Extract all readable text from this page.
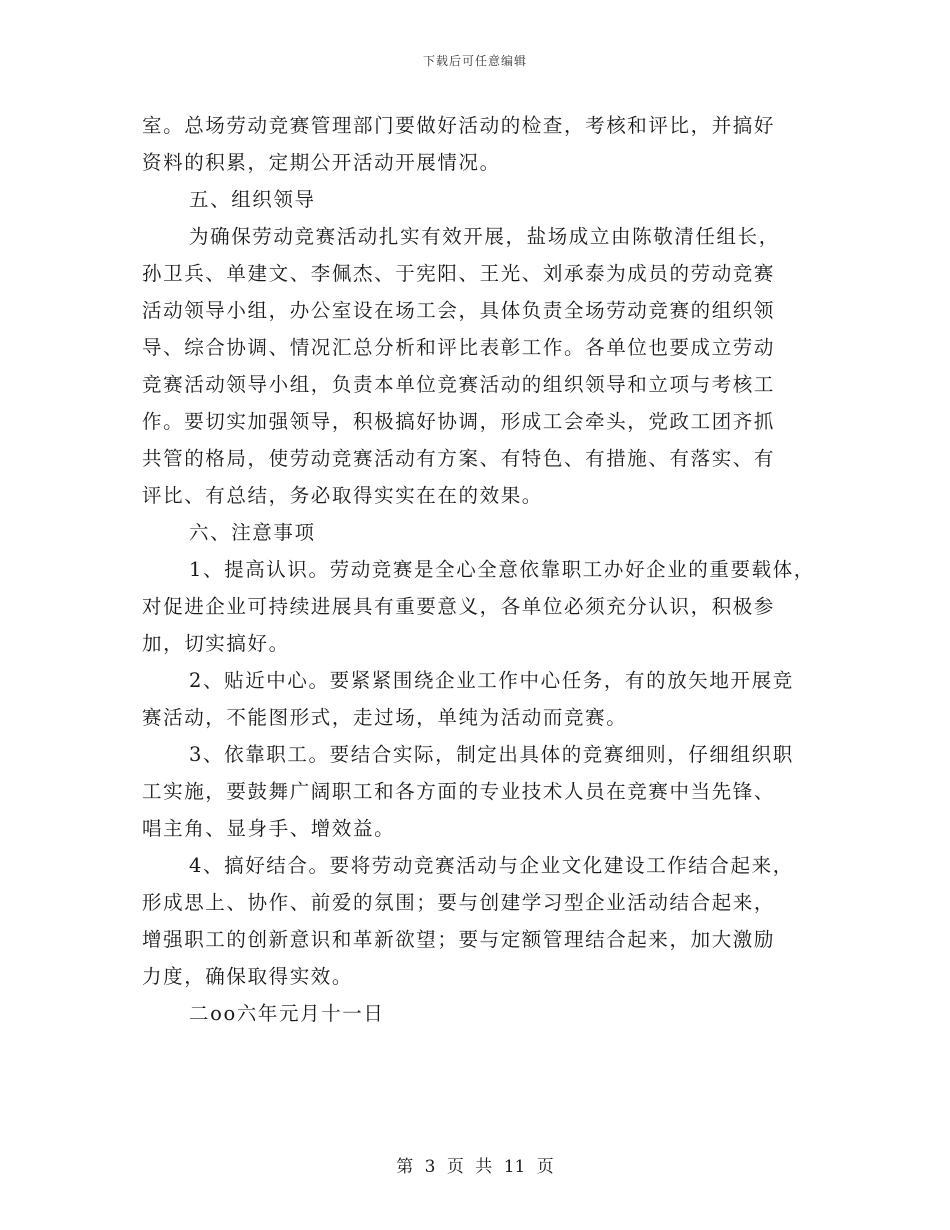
下载后可任意编辑
室。总场劳动竞赛管理部门要做好活动的检查，考核和评比，并搞好
资料的积累，定期公开活动开展情况。
五、组织领导
为确保劳动竞赛活动扎实有效开展，盐场成立由陈敬清任组长，
孙卫兵、单建文、李佩杰、于宪阳、王光、刘承泰为成员的劳动竞赛
活动领导小组，办公室设在场工会，具体负责全场劳动竞赛的组织领
导、综合协调、情况汇总分析和评比表彰工作。各单位也要成立劳动
竞赛活动领导小组，负责本单位竞赛活动的组织领导和立项与考核工
作。要切实加强领导，积极搞好协调，形成工会牵头，党政工团齐抓
共管的格局，使劳动竞赛活动有方案、有特色、有措施、有落实、有
评比、有总结，务必取得实实在在的效果。
六、注意事项
1、提高认识。劳动竞赛是全心全意依靠职工办好企业的重要载体，
对促进企业可持续进展具有重要意义，各单位必须充分认识，积极参
加，切实搞好。
2、贴近中心。要紧紧围绕企业工作中心任务，有的放矢地开展竞
赛活动，不能图形式，走过场，单纯为活动而竞赛。
3、依靠职工。要结合实际，制定出具体的竞赛细则，仔细组织职
工实施，要鼓舞广阔职工和各方面的专业技术人员在竞赛中当先锋、
唱主角、显身手、增效益。
4、搞好结合。要将劳动竞赛活动与企业文化建设工作结合起来，
形成思上、协作、前爱的氛围；要与创建学习型企业活动结合起来，
增强职工的创新意识和革新欲望；要与定额管理结合起来，加大激励
力度，确保取得实效。
二oo六年元月十一日
第 3 页 共 11 页
